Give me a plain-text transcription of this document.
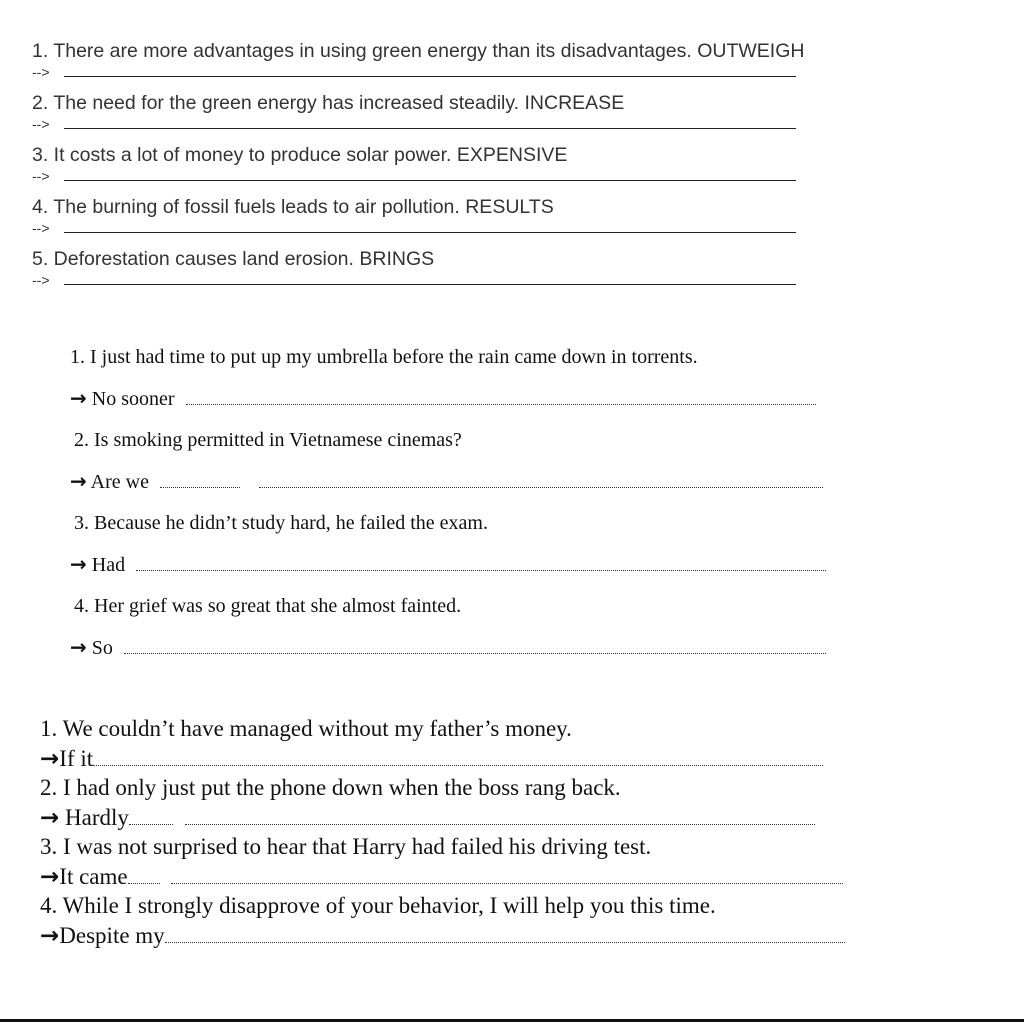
1. There are more advantages in using green energy than its disadvantages. OUTWEIGH
-->
2. The need for the green energy has increased steadily. INCREASE
-->
3. It costs a lot of money to produce solar power. EXPENSIVE
-->
4. The burning of fossil fuels leads to air pollution. RESULTS
-->
5. Deforestation causes land erosion. BRINGS
-->
1. I just had time to put up my umbrella before the rain came down in torrents.
→ No sooner
2. Is smoking permitted in Vietnamese cinemas?
→ Are we
3. Because he didn’t study hard, he failed the exam.
→ Had
4. Her grief was so great that she almost fainted.
→ So
1. We couldn’t have managed without my father’s money.
→If it
2. I had only just put the phone down when the boss rang back.
→ Hardly
3. I was not surprised to hear that Harry had failed his driving test.
→It came
4. While I strongly disapprove of your behavior, I will help you this time.
→Despite my
